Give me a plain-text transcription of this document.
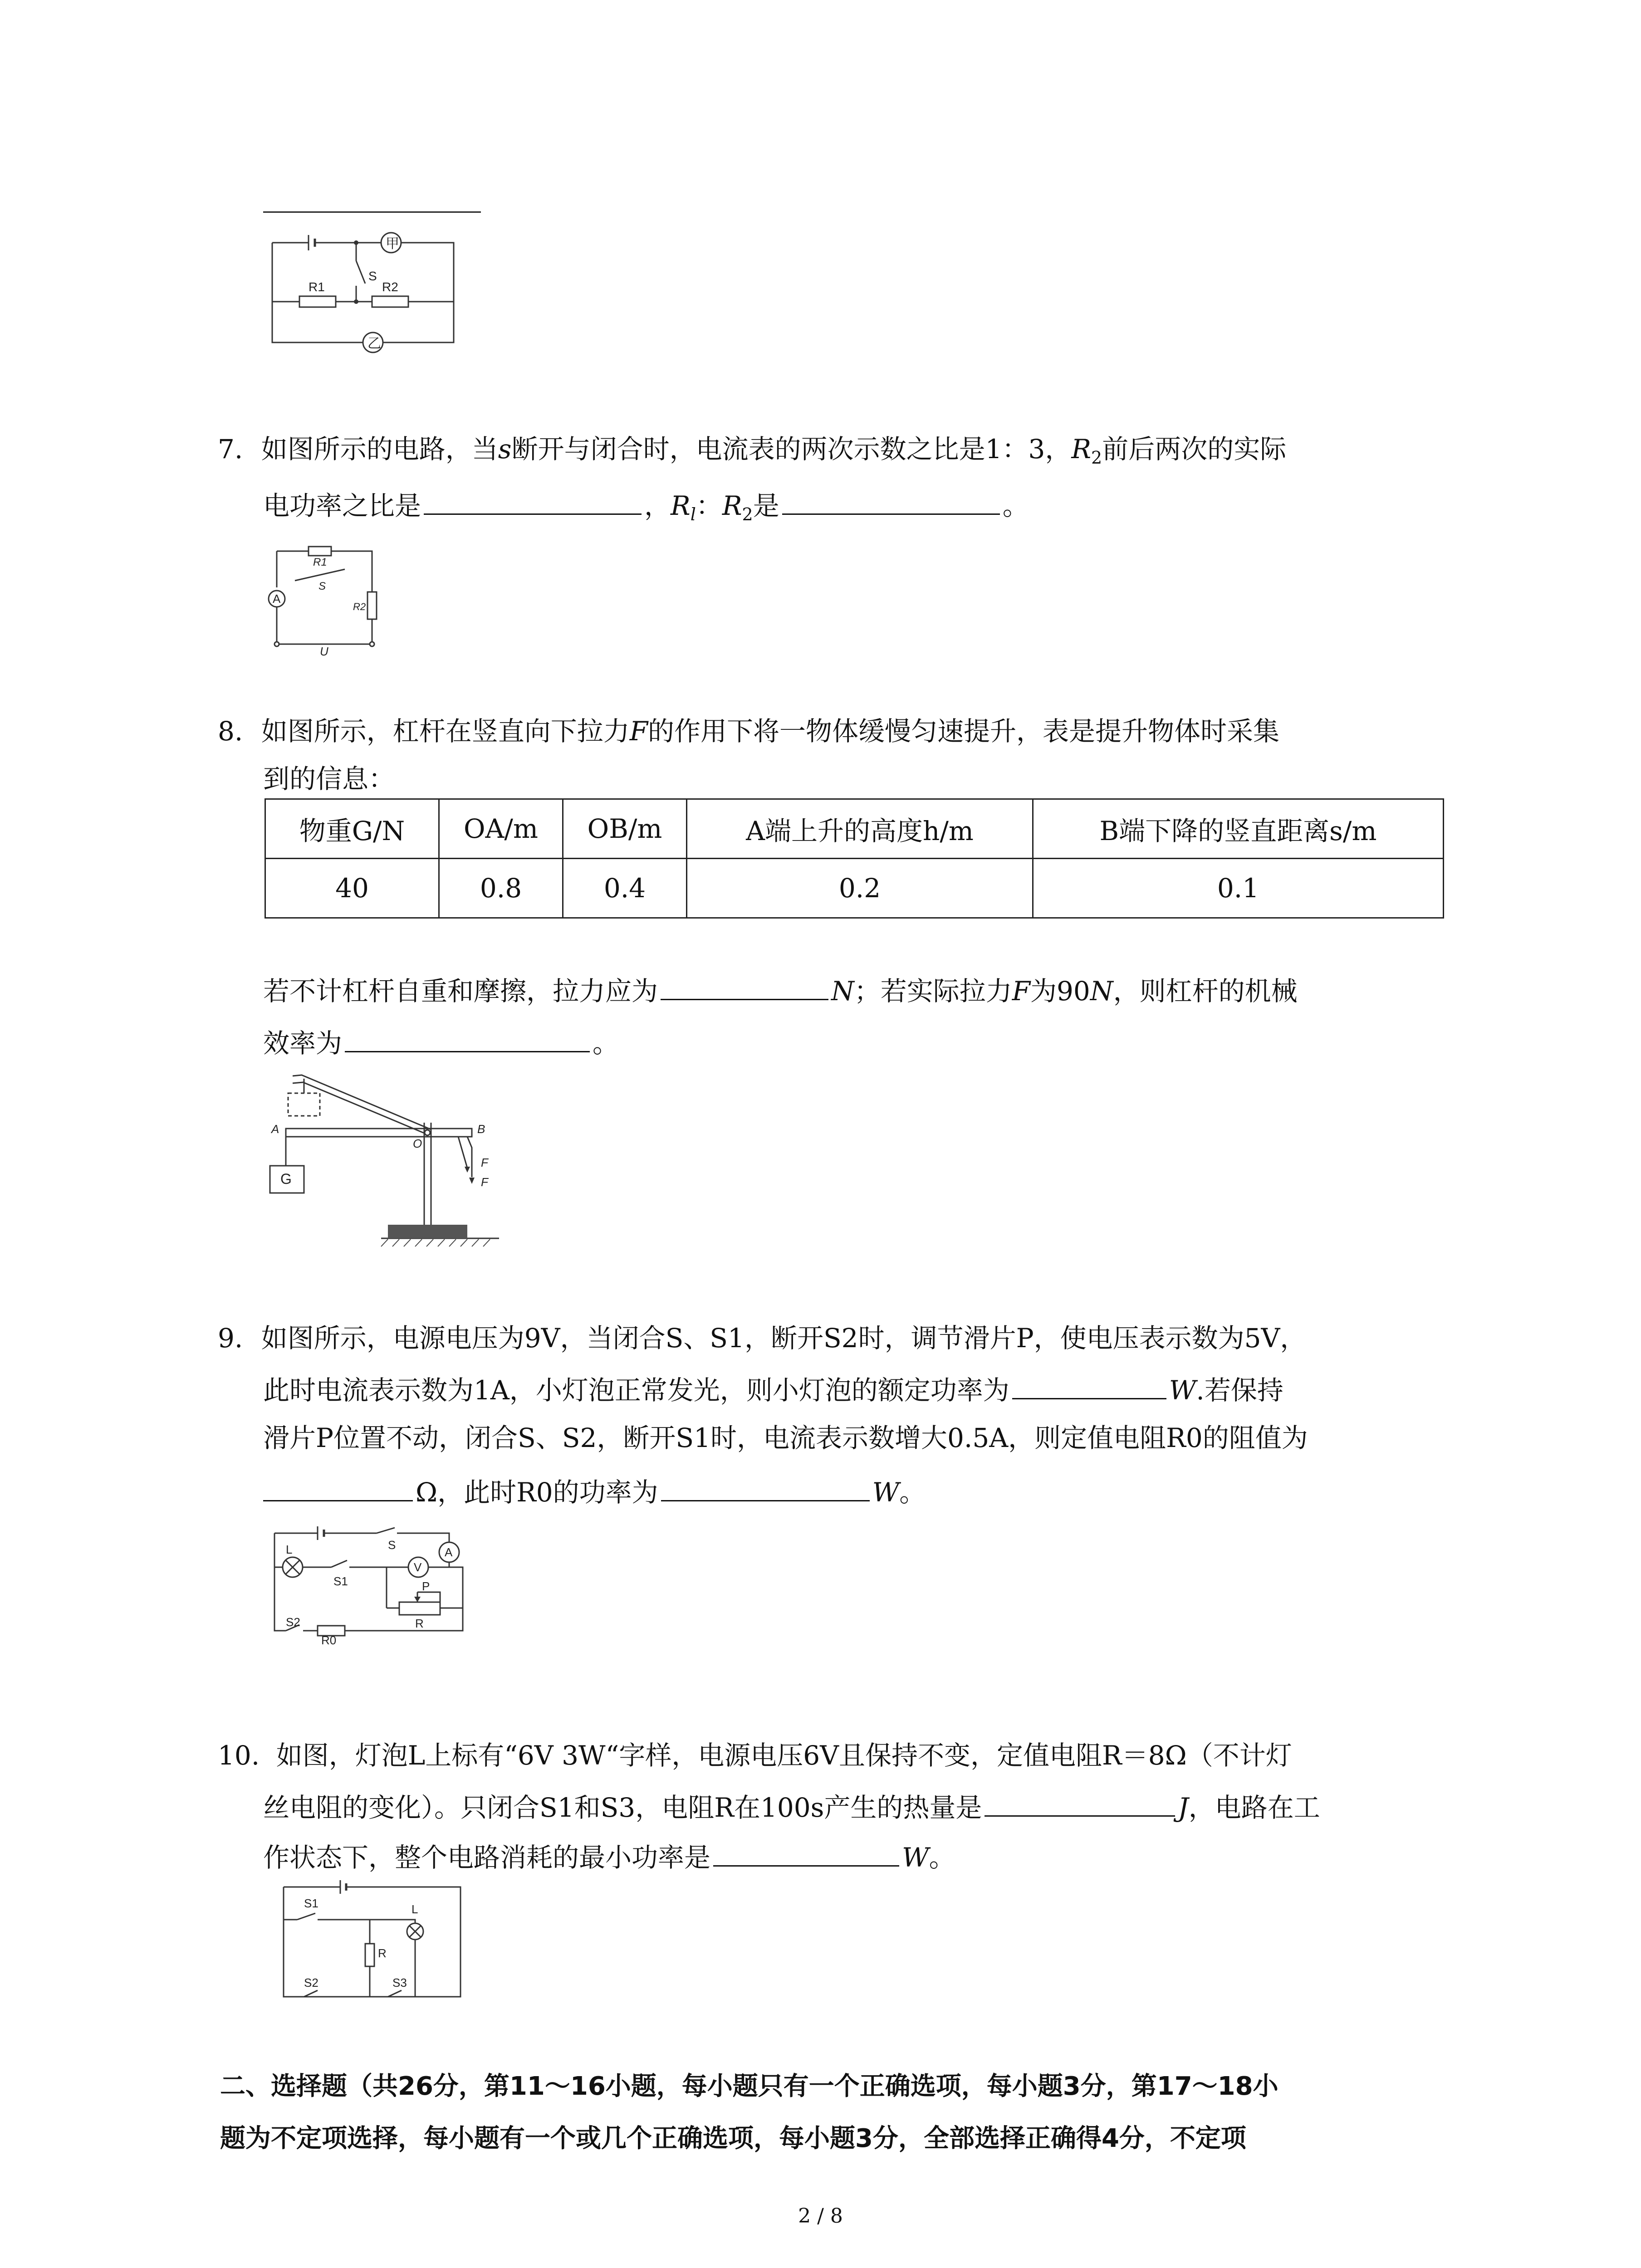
甲
乙
S
R1	R2
7. 如图所示的电路，当s断开与闭合时，电流表的两次示数之比是1：3，$R_2$前后两次的实际
电功率之比是	，$R_l$：$R_2$是	。
R1
S
A
R2
U
8. 如图所示，杠杆在竖直向下拉力F的作用下将一物体缓慢匀速提升，表是提升物体时采集
到的信息：
物重G/N	OA/m	OB/m	A端上升的高度h/m	B端下降的竖直距离s/m
40	0.8	0.4	0.2	0.1
若不计杠杆自重和摩擦，拉力应为	N；若实际拉力F为90N，则杠杆的机械
效率为	。
A
O
B
G
F
F
9. 如图所示，电源电压为9V，当闭合S、S1，断开S2时，调节滑片P，使电压表示数为5V，
此时电流表示数为1A，小灯泡正常发光，则小灯泡的额定功率为	W.若保持
滑片P位置不动，闭合S、S2，断开S1时，电流表示数增大0.5A，则定值电阻R0的阻值为
Ω，此时R0的功率为	W。
S
L
S1
V
A
P
S2
R0
R
10. 如图，灯泡L上标有“6V 3W“字样，电源电压6V且保持不变，定值电阻R＝8Ω（不计灯
丝电阻的变化）。只闭合S1和S3，电阻R在100s产生的热量是	J，电路在工
作状态下，整个电路消耗的最小功率是	W。
S1	L
R
S2	S3
二、选择题（共26分，第11～16小题，每小题只有一个正确选项，每小题3分，第17～18小
题为不定项选择，每小题有一个或几个正确选项，每小题3分，全部选择正确得4分，不定项
2 / 8
